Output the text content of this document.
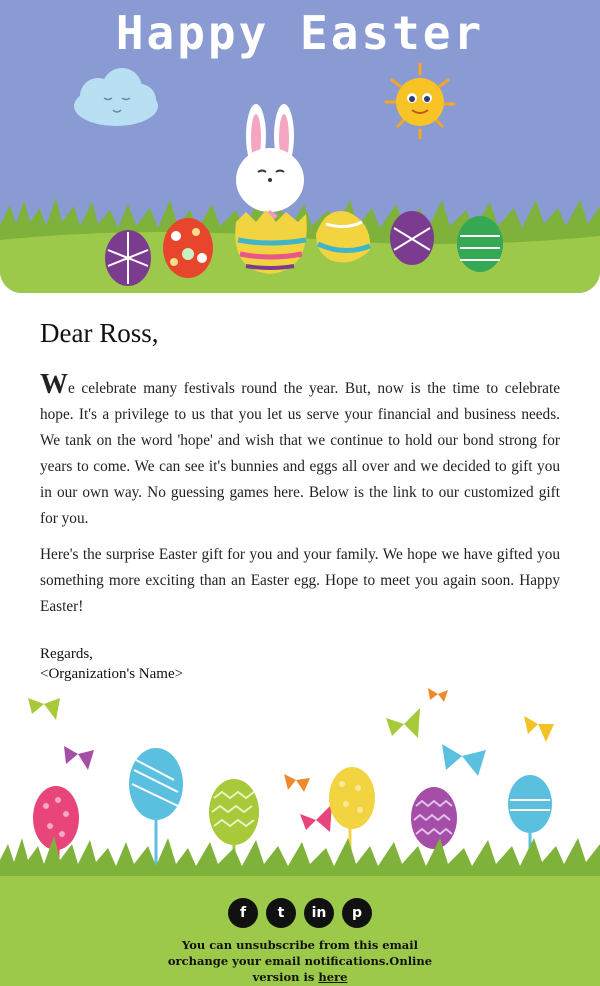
Happy Easter
Dear Ross,

We celebrate many festivals round the year. But, now is the time to celebrate hope. It's a privilege to us that you let us serve your financial and business needs. We tank on the word 'hope' and wish that we continue to hold our bond strong for years to come. We can see it's bunnies and eggs all over and we decided to gift you in our own way. No guessing games here. Below is the link to our customized gift for you.

Here's the surprise Easter gift for you and your family. We hope we have gifted you something more exciting than an Easter egg. Hope to meet you again soon. Happy Easter!

Regards,
<Organization's Name>
f	t	in	p
You can unsubscribe from this email orchange your email notifications.Online version is here
